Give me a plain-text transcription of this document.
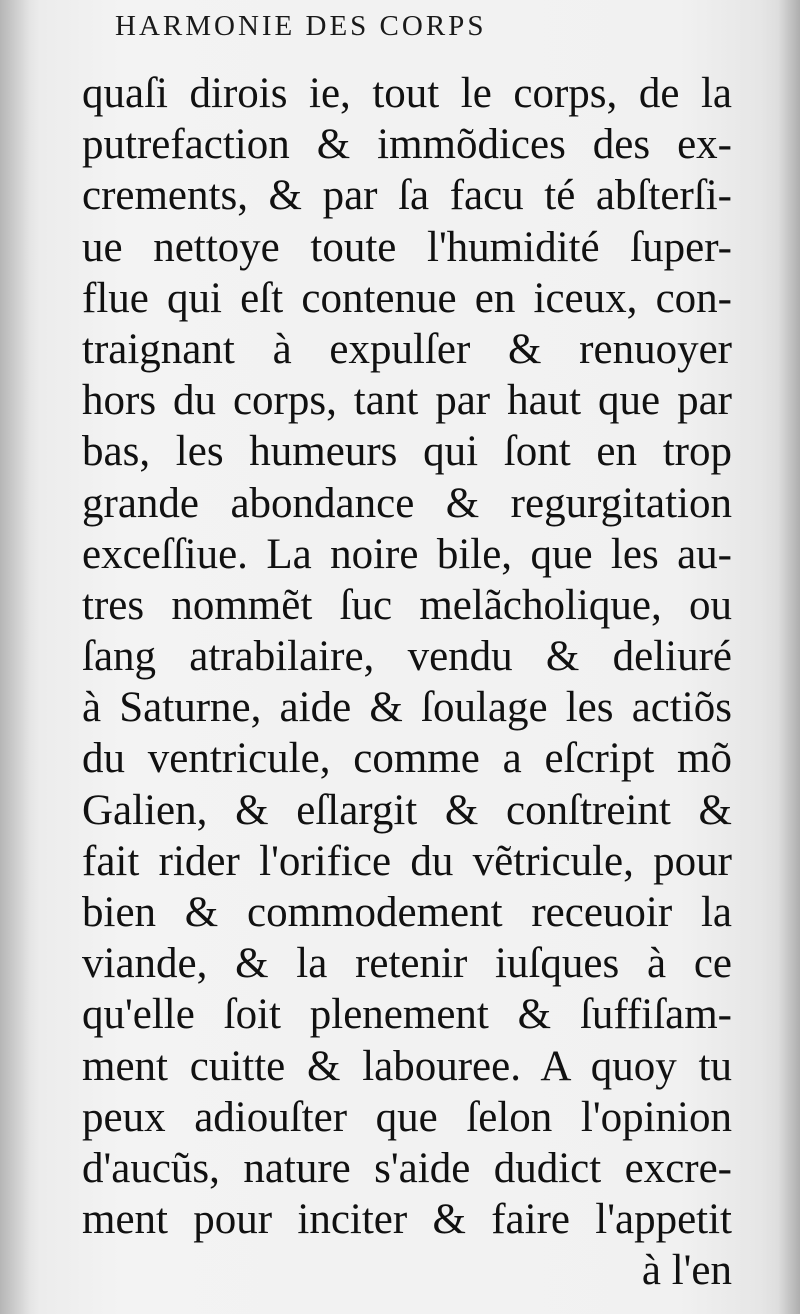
HARMONIE DES CORPS
quaſi dirois ie, tout le corps, de la
putrefaction & immõdices des ex-
crements, & par ſa facu té abſterſi-
ue nettoye toute l'humidité ſuper-
flue qui eſt contenue en iceux, con-
traignant à expulſer & renuoyer
hors du corps, tant par haut que par
bas, les humeurs qui ſont en trop
grande abondance & regurgitation
exceſſiue. La noire bile, que les au-
tres nommẽt ſuc melãcholique, ou
ſang atrabilaire, vendu & deliuré
à Saturne, aide & ſoulage les actiõs
du ventricule, comme a eſcript mõ
Galien, & eſlargit & conſtreint &
fait rider l'orifice du vẽtricule, pour
bien & commodement receuoir la
viande, & la retenir iuſques à ce
qu'elle ſoit plenement & ſuffiſam-
ment cuitte & labouree. A quoy tu
peux adiouſter que ſelon l'opinion
d'aucũs, nature s'aide dudict excre-
ment pour inciter & faire l'appetit
à l'en
